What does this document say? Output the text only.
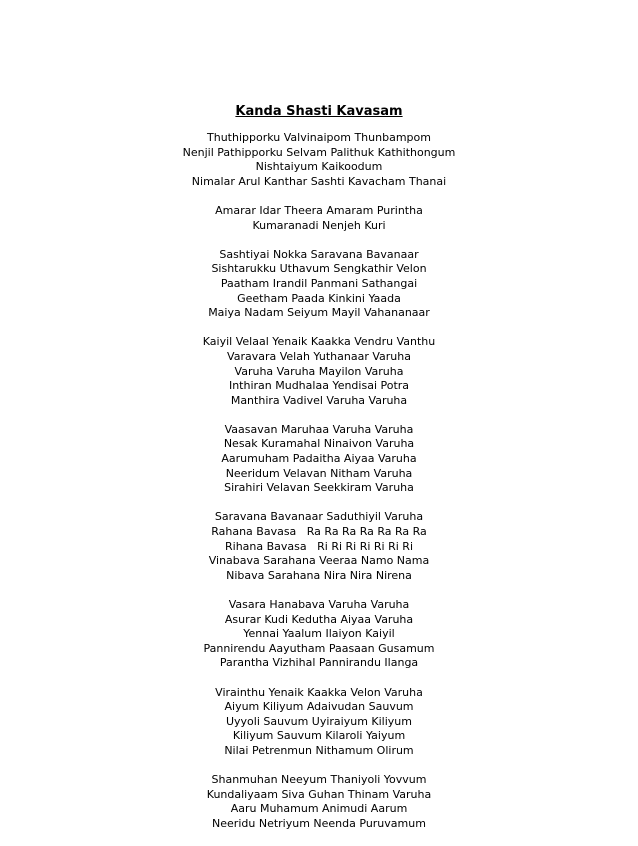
Kanda Shasti Kavasam
Thuthipporku Valvinaipom Thunbampom
Nenjil Pathipporku Selvam Palithuk Kathithongum
Nishtaiyum Kaikoodum
Nimalar Arul Kanthar Sashti Kavacham Thanai
Amarar Idar Theera Amaram Purintha
Kumaranadi Nenjeh Kuri
Sashtiyai Nokka Saravana Bavanaar
Sishtarukku Uthavum Sengkathir Velon
Paatham Irandil Panmani Sathangai
Geetham Paada Kinkini Yaada
Maiya Nadam Seiyum Mayil Vahananaar
Kaiyil Velaal Yenaik Kaakka Vendru Vanthu
Varavara Velah Yuthanaar Varuha
Varuha Varuha Mayilon Varuha
Inthiran Mudhalaa Yendisai Potra
Manthira Vadivel Varuha Varuha
Vaasavan Maruhaa Varuha Varuha
Nesak Kuramahal Ninaivon Varuha
Aarumuham Padaitha Aiyaa Varuha
Neeridum Velavan Nitham Varuha
Sirahiri Velavan Seekkiram Varuha
Saravana Bavanaar Saduthiyil Varuha
Rahana Bavasa   Ra Ra Ra Ra Ra Ra Ra
Rihana Bavasa   Ri Ri Ri Ri Ri Ri Ri
Vinabava Sarahana Veeraa Namo Nama
Nibava Sarahana Nira Nira Nirena
Vasara Hanabava Varuha Varuha
Asurar Kudi Kedutha Aiyaa Varuha
Yennai Yaalum Ilaiyon Kaiyil
Pannirendu Aayutham Paasaan Gusamum
Parantha Vizhihal Pannirandu Ilanga
Virainthu Yenaik Kaakka Velon Varuha
Aiyum Kiliyum Adaivudan Sauvum
Uyyoli Sauvum Uyiraiyum Kiliyum
Kiliyum Sauvum Kilaroli Yaiyum
Nilai Petrenmun Nithamum Olirum
Shanmuhan Neeyum Thaniyoli Yovvum
Kundaliyaam Siva Guhan Thinam Varuha
Aaru Muhamum Animudi Aarum
Neeridu Netriyum Neenda Puruvamum
